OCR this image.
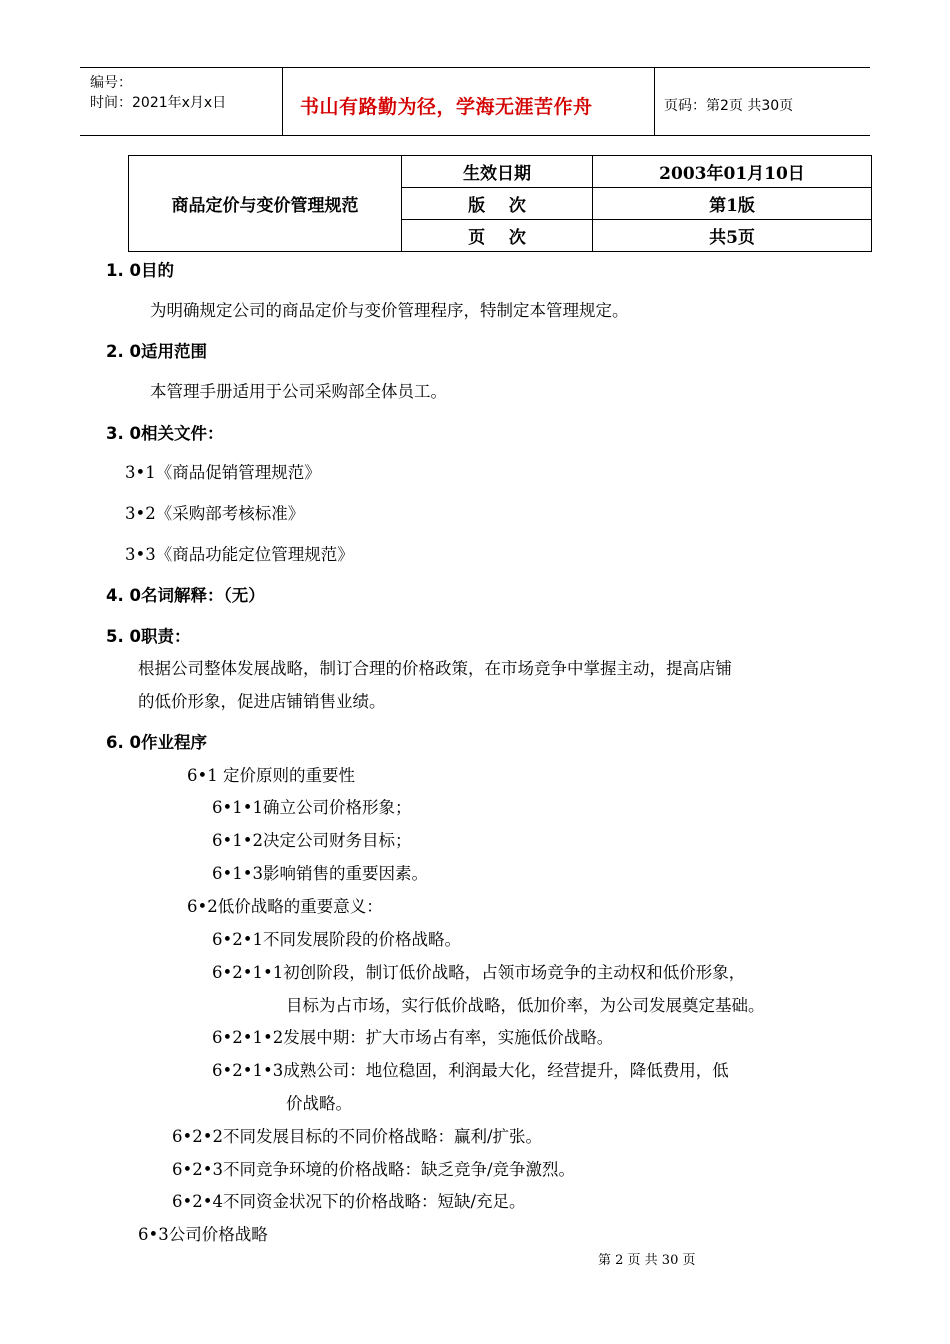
编号：
时间：2021年x月x日	书山有路勤为径，学海无涯苦作舟	页码：第2页 共30页
商品定价与变价管理规范	生效日期	2003年01月10日
	版    次	第1版
	页    次	共5页
1. 0目的
为明确规定公司的商品定价与变价管理程序，特制定本管理规定。
2. 0适用范围
本管理手册适用于公司采购部全体员工。
3. 0相关文件：
3•1《商品促销管理规范》
3•2《采购部考核标准》
3•3《商品功能定位管理规范》
4. 0名词解释：（无）
5. 0职责：
根据公司整体发展战略，制订合理的价格政策，在市场竞争中掌握主动，提高店铺
的低价形象，促进店铺销售业绩。
6. 0作业程序
6•1 定价原则的重要性
6•1•1确立公司价格形象；
6•1•2决定公司财务目标；
6•1•3影响销售的重要因素。
6•2低价战略的重要意义：
6•2•1不同发展阶段的价格战略。
6•2•1•1初创阶段，制订低价战略，占领市场竞争的主动权和低价形象，
目标为占市场，实行低价战略，低加价率，为公司发展奠定基础。
6•2•1•2发展中期：扩大市场占有率，实施低价战略。
6•2•1•3成熟公司：地位稳固，利润最大化，经营提升，降低费用，低
价战略。
6•2•2不同发展目标的不同价格战略：赢利/扩张。
6•2•3不同竞争环境的价格战略：缺乏竞争/竞争激烈。
6•2•4不同资金状况下的价格战略：短缺/充足。
6•3公司价格战略
第 2 页 共 30 页
